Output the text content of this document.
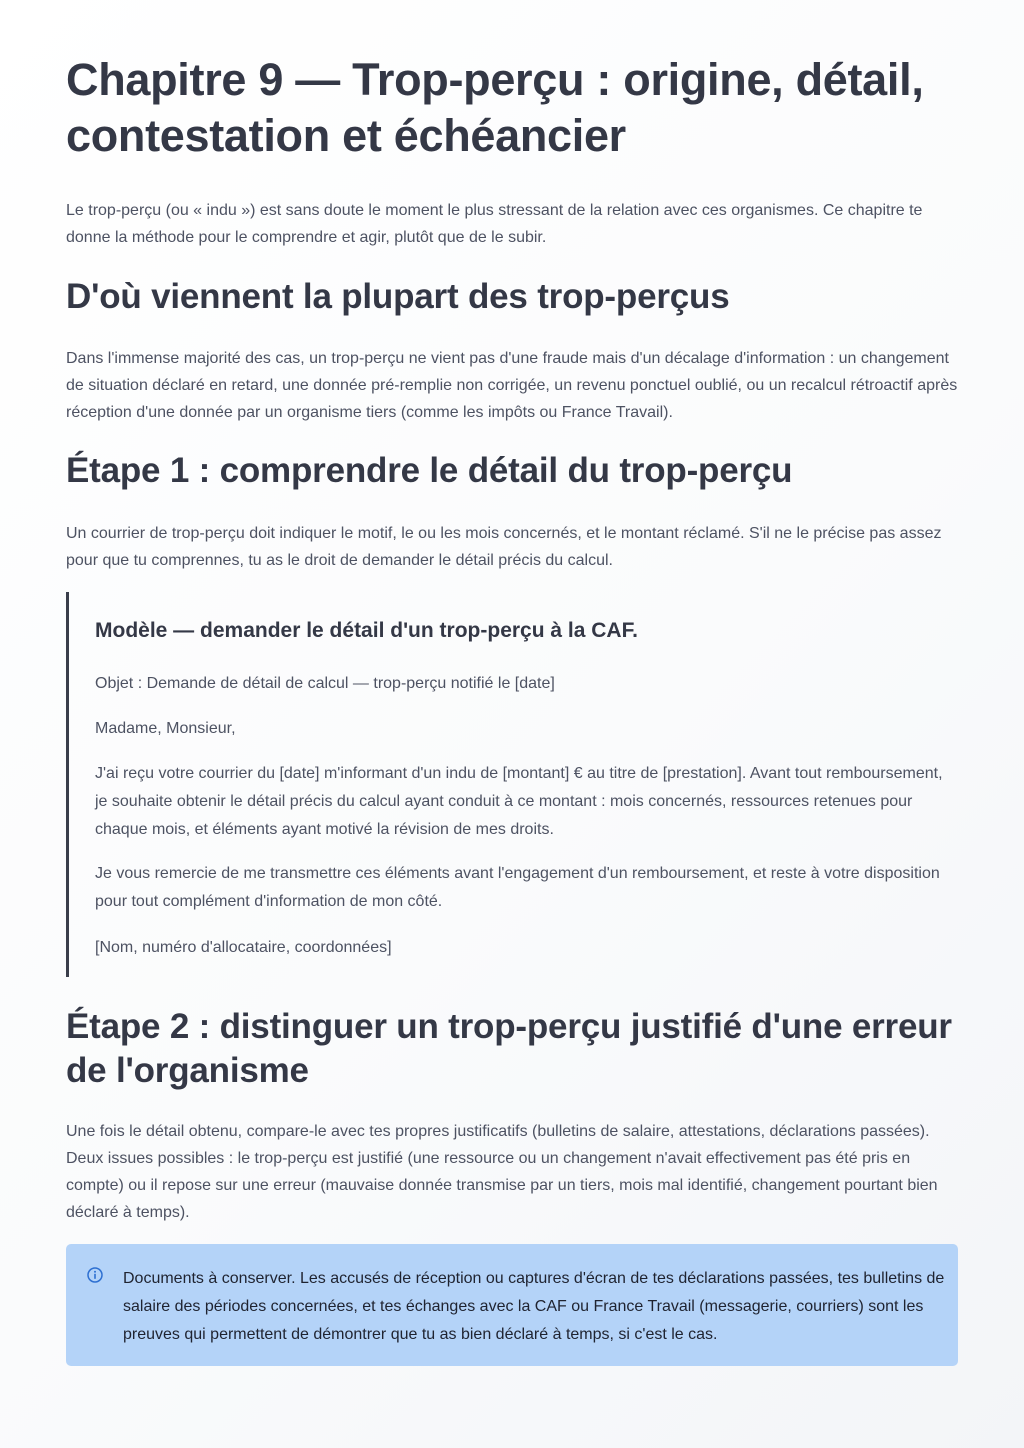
Chapitre 9 — Trop-perçu : origine, détail, contestation et échéancier

Le trop-perçu (ou « indu ») est sans doute le moment le plus stressant de la relation avec ces organismes. Ce chapitre te donne la méthode pour le comprendre et agir, plutôt que de le subir.

D'où viennent la plupart des trop-perçus

Dans l'immense majorité des cas, un trop-perçu ne vient pas d'une fraude mais d'un décalage d'information : un changement de situation déclaré en retard, une donnée pré-remplie non corrigée, un revenu ponctuel oublié, ou un recalcul rétroactif après réception d'une donnée par un organisme tiers (comme les impôts ou France Travail).

Étape 1 : comprendre le détail du trop-perçu

Un courrier de trop-perçu doit indiquer le motif, le ou les mois concernés, et le montant réclamé. S'il ne le précise pas assez pour que tu comprennes, tu as le droit de demander le détail précis du calcul.

Modèle — demander le détail d'un trop-perçu à la CAF.

Objet : Demande de détail de calcul — trop-perçu notifié le [date]

Madame, Monsieur,

J'ai reçu votre courrier du [date] m'informant d'un indu de [montant] € au titre de [prestation]. Avant tout remboursement, je souhaite obtenir le détail précis du calcul ayant conduit à ce montant : mois concernés, ressources retenues pour chaque mois, et éléments ayant motivé la révision de mes droits.

Je vous remercie de me transmettre ces éléments avant l'engagement d'un remboursement, et reste à votre disposition pour tout complément d'information de mon côté.

[Nom, numéro d'allocataire, coordonnées]

Étape 2 : distinguer un trop-perçu justifié d'une erreur de l'organisme

Une fois le détail obtenu, compare-le avec tes propres justificatifs (bulletins de salaire, attestations, déclarations passées). Deux issues possibles : le trop-perçu est justifié (une ressource ou un changement n'avait effectivement pas été pris en compte) ou il repose sur une erreur (mauvaise donnée transmise par un tiers, mois mal identifié, changement pourtant bien déclaré à temps).

Documents à conserver. Les accusés de réception ou captures d'écran de tes déclarations passées, tes bulletins de salaire des périodes concernées, et tes échanges avec la CAF ou France Travail (messagerie, courriers) sont les preuves qui permettent de démontrer que tu as bien déclaré à temps, si c'est le cas.
